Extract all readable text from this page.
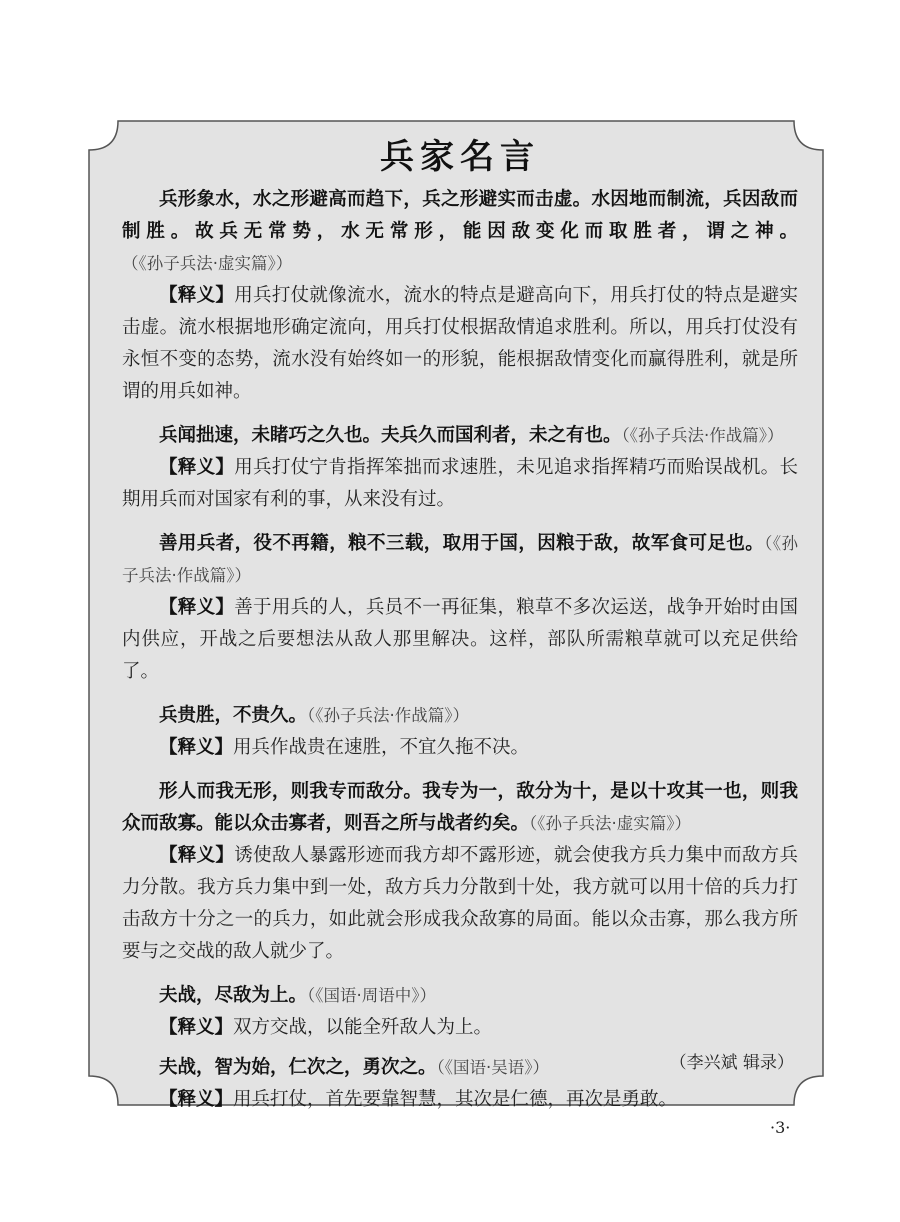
兵家名言

兵形象水，水之形避高而趋下，兵之形避实而击虚。水因地而制流，兵因敌而制胜。故兵无常势，水无常形，能因敌变化而取胜者，谓之神。（《孙子兵法·虚实篇》）

【释义】用兵打仗就像流水，流水的特点是避高向下，用兵打仗的特点是避实击虚。流水根据地形确定流向，用兵打仗根据敌情追求胜利。所以，用兵打仗没有永恒不变的态势，流水没有始终如一的形貌，能根据敌情变化而赢得胜利，就是所谓的用兵如神。

兵闻拙速，未睹巧之久也。夫兵久而国利者，未之有也。（《孙子兵法·作战篇》）

【释义】用兵打仗宁肯指挥笨拙而求速胜，未见追求指挥精巧而贻误战机。长期用兵而对国家有利的事，从来没有过。

善用兵者，役不再籍，粮不三载，取用于国，因粮于敌，故军食可足也。（《孙子兵法·作战篇》）

【释义】善于用兵的人，兵员不一再征集，粮草不多次运送，战争开始时由国内供应，开战之后要想法从敌人那里解决。这样，部队所需粮草就可以充足供给了。

兵贵胜，不贵久。（《孙子兵法·作战篇》）

【释义】用兵作战贵在速胜，不宜久拖不决。

形人而我无形，则我专而敌分。我专为一，敌分为十，是以十攻其一也，则我众而敌寡。能以众击寡者，则吾之所与战者约矣。（《孙子兵法·虚实篇》）

【释义】诱使敌人暴露形迹而我方却不露形迹，就会使我方兵力集中而敌方兵力分散。我方兵力集中到一处，敌方兵力分散到十处，我方就可以用十倍的兵力打击敌方十分之一的兵力，如此就会形成我众敌寡的局面。能以众击寡，那么我方所要与之交战的敌人就少了。

夫战，尽敌为上。（《国语·周语中》）

【释义】双方交战，以能全歼敌人为上。

夫战，智为始，仁次之，勇次之。（《国语·吴语》）

【释义】用兵打仗，首先要靠智慧，其次是仁德，再次是勇敢。

（李兴斌 辑录）
·3·
